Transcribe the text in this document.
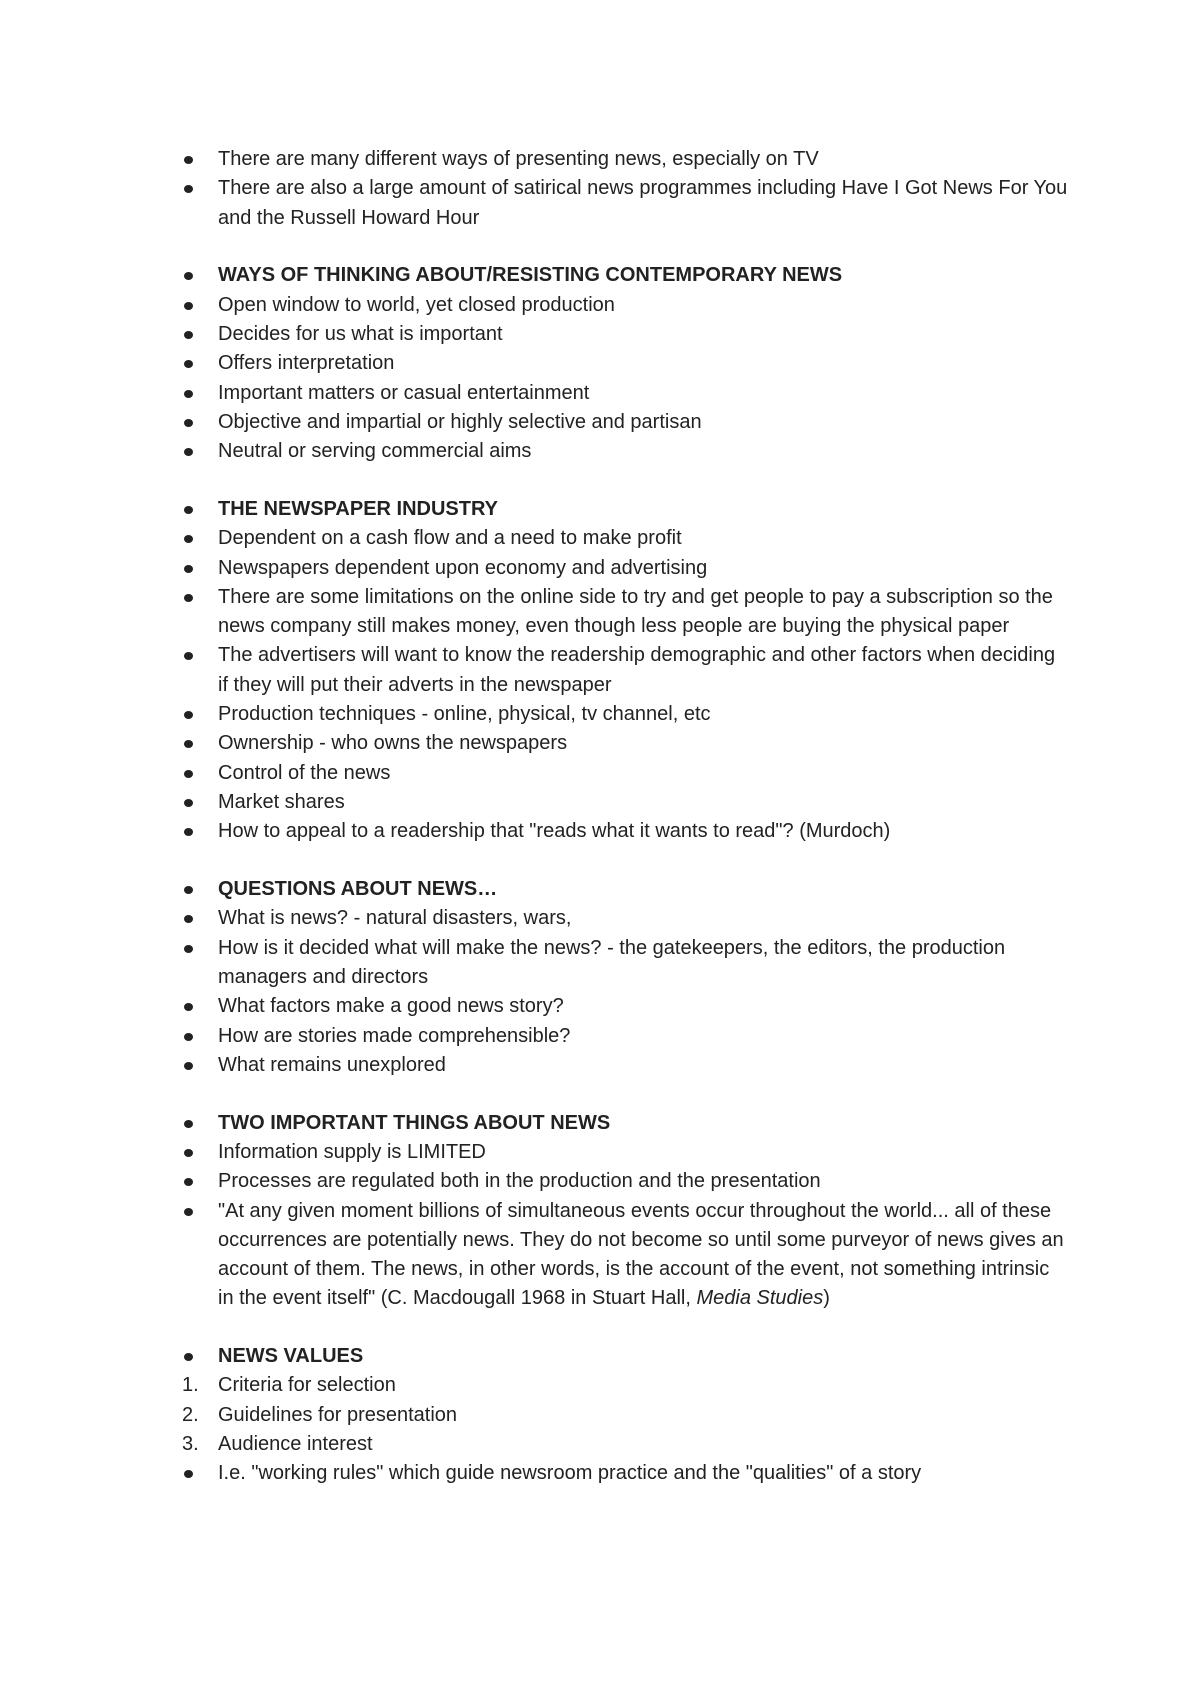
There are many different ways of presenting news, especially on TV
There are also a large amount of satirical news programmes including Have I Got News For You and the Russell Howard Hour
WAYS OF THINKING ABOUT/RESISTING CONTEMPORARY NEWS
Open window to world, yet closed production
Decides for us what is important
Offers interpretation
Important matters or casual entertainment
Objective and impartial or highly selective and partisan
Neutral or serving commercial aims
THE NEWSPAPER INDUSTRY
Dependent on a cash flow and a need to make profit
Newspapers dependent upon economy and advertising
There are some limitations on the online side to try and get people to pay a subscription so the news company still makes money, even though less people are buying the physical paper
The advertisers will want to know the readership demographic and other factors when deciding if they will put their adverts in the newspaper
Production techniques - online, physical, tv channel, etc
Ownership - who owns the newspapers
Control of the news
Market shares
How to appeal to a readership that "reads what it wants to read"? (Murdoch)
QUESTIONS ABOUT NEWS…
What is news? - natural disasters, wars,
How is it decided what will make the news? - the gatekeepers, the editors, the production managers and directors
What factors make a good news story?
How are stories made comprehensible?
What remains unexplored
TWO IMPORTANT THINGS ABOUT NEWS
Information supply is LIMITED
Processes are regulated both in the production and the presentation
"At any given moment billions of simultaneous events occur throughout the world... all of these occurrences are potentially news. They do not become so until some purveyor of news gives an account of them. The news, in other words, is the account of the event, not something intrinsic in the event itself" (C. Macdougall 1968 in Stuart Hall, Media Studies)
NEWS VALUES
1. Criteria for selection
2. Guidelines for presentation
3. Audience interest
I.e. "working rules" which guide newsroom practice and the "qualities" of a story
